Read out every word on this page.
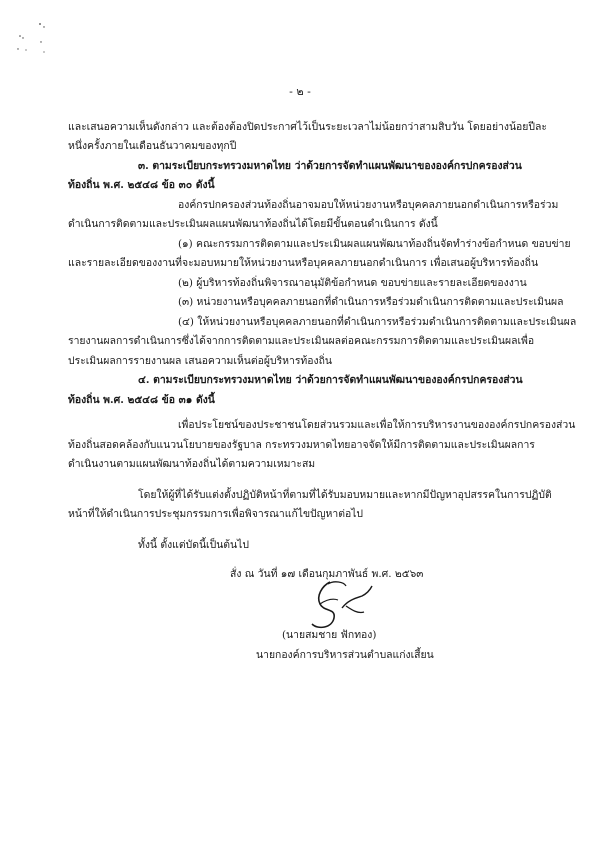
- ๒ -
และเสนอความเห็นดังกล่าว และต้องต้องปิดประกาศไว้เป็นระยะเวลาไม่น้อยกว่าสามสิบวัน โดยอย่างน้อยปีละ
หนึ่งครั้งภายในเดือนธันวาคมของทุกปี
๓. ตามระเบียบกระทรวงมหาดไทย ว่าด้วยการจัดทำแผนพัฒนาขององค์กรปกครองส่วน
ท้องถิ่น พ.ศ. ๒๕๔๘ ข้อ ๓๐ ดังนี้
องค์กรปกครองส่วนท้องถิ่นอาจมอบให้หน่วยงานหรือบุคคลภายนอกดำเนินการหรือร่วม
ดำเนินการติดตามและประเมินผลแผนพัฒนาท้องถิ่นได้โดยมีขั้นตอนดำเนินการ ดังนี้
(๑) คณะกรรมการติดตามและประเมินผลแผนพัฒนาท้องถิ่นจัดทำร่างข้อกำหนด ขอบข่าย
และรายละเอียดของงานที่จะมอบหมายให้หน่วยงานหรือบุคคลภายนอกดำเนินการ เพื่อเสนอผู้บริหารท้องถิ่น
(๒) ผู้บริหารท้องถิ่นพิจารณาอนุมัติข้อกำหนด ขอบข่ายและรายละเอียดของงาน
(๓) หน่วยงานหรือบุคคลภายนอกที่ดำเนินการหรือร่วมดำเนินการติดตามและประเมินผล
(๔) ให้หน่วยงานหรือบุคคลภายนอกที่ดำเนินการหรือร่วมดำเนินการติดตามและประเมินผล
รายงานผลการดำเนินการซึ่งได้จากการติดตามและประเมินผลต่อคณะกรรมการติดตามและประเมินผลเพื่อ
ประเมินผลการรายงานผล เสนอความเห็นต่อผู้บริหารท้องถิ่น
๔. ตามระเบียบกระทรวงมหาดไทย ว่าด้วยการจัดทำแผนพัฒนาขององค์กรปกครองส่วน
ท้องถิ่น พ.ศ. ๒๕๔๘ ข้อ ๓๑ ดังนี้
เพื่อประโยชน์ของประชาชนโดยส่วนรวมและเพื่อให้การบริหารงานขององค์กรปกครองส่วน
ท้องถิ่นสอดคล้องกับแนวนโยบายของรัฐบาล กระทรวงมหาดไทยอาจจัดให้มีการติดตามและประเมินผลการ
ดำเนินงานตามแผนพัฒนาท้องถิ่นได้ตามความเหมาะสม
โดยให้ผู้ที่ได้รับแต่งตั้งปฏิบัติหน้าที่ตามที่ได้รับมอบหมายและหากมีปัญหาอุปสรรคในการปฏิบัติ
หน้าที่ให้ดำเนินการประชุมกรรมการเพื่อพิจารณาแก้ไขปัญหาต่อไป
ทั้งนี้ ตั้งแต่บัดนี้เป็นต้นไป
สั่ง ณ วันที่ ๑๗ เดือนกุมภาพันธ์ พ.ศ. ๒๕๖๓
(นายสมชาย ฟักทอง)
นายกองค์การบริหารส่วนตำบลแก่งเสี้ยน
